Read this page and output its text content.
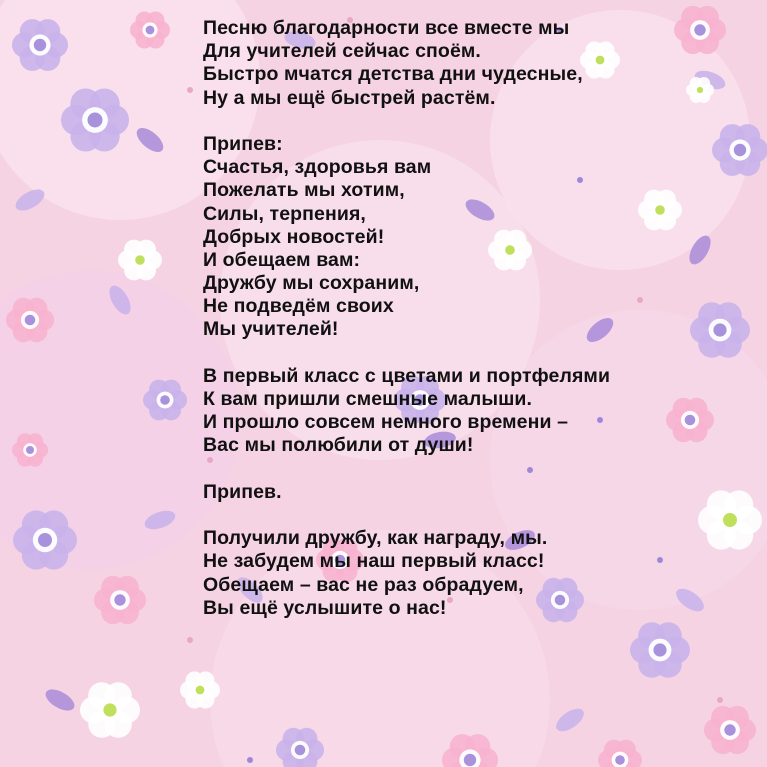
Песню благодарности все вместе мы
Для учителей сейчас споём.
Быстро мчатся детства дни чудесные,
Ну а мы ещё быстрей растём.
Припев:
Счастья, здоровья вам
Пожелать мы хотим,
Силы, терпения,
Добрых новостей!
И обещаем вам:
Дружбу мы сохраним,
Не подведём своих
Мы учителей!
В первый класс с цветами и портфелями
К вам пришли смешные малыши.
И прошло совсем немного времени –
Вас мы полюбили от души!
Припев.
Получили дружбу, как награду, мы.
Не забудем мы наш первый класс!
Обещаем – вас не раз обрадуем,
Вы ещё услышите о нас!
